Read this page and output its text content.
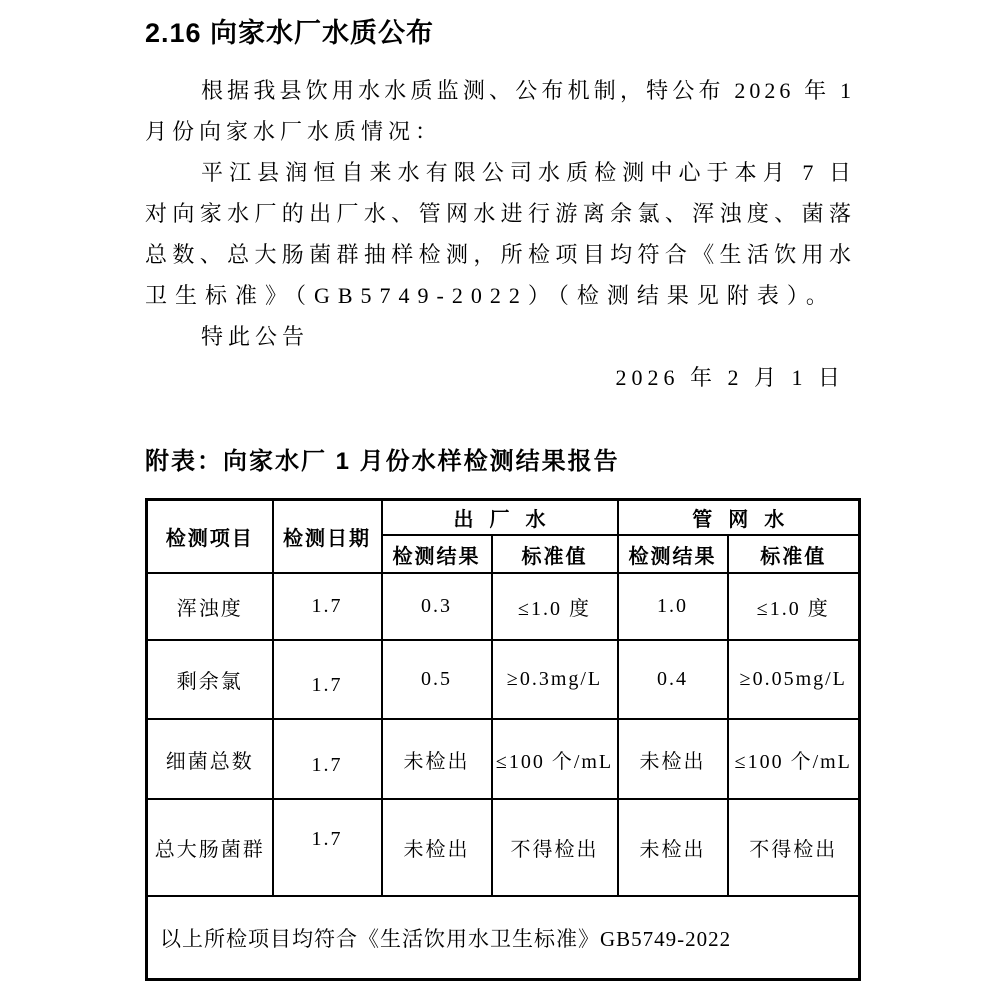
2.16 向家水厂水质公布
根据我县饮用水水质监测、公布机制，特公布 2026 年 1
月份向家水厂水质情况：
平江县润恒自来水有限公司水质检测中心于本月 7 日
对向家水厂的出厂水、管网水进行游离余氯、浑浊度、菌落
总数、总大肠菌群抽样检测，所检项目均符合《生活饮用水
卫生标准》（GB5749-2022）（检测结果见附表）。
特此公告
2026 年 2 月 1 日
附表：向家水厂 1 月份水样检测结果报告
检测项目	检测日期	出厂水		管网水	
		检测结果	标准值	检测结果	标准值
浑浊度	1.7	0.3	≤1.0 度	1.0	≤1.0 度
剩余氯	1.7	0.5	≥0.3mg/L	0.4	≥0.05mg/L
细菌总数	1.7	未检出	≤100 个/mL	未检出	≤100 个/mL
总大肠菌群	1.7	未检出	不得检出	未检出	不得检出
以上所检项目均符合《生活饮用水卫生标准》GB5749-2022					
